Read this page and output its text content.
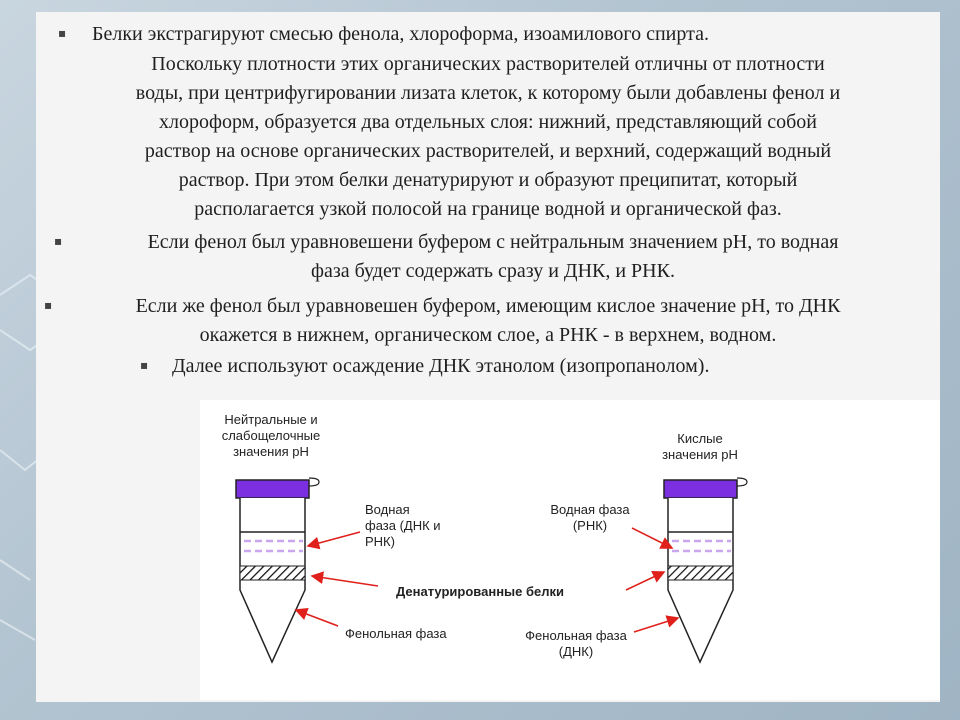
▪ Белки экстрагируют смесью фенола, хлороформа, изоамилового спирта.
Поскольку плотности этих органических растворителей отличны от плотности
воды, при центрифугировании лизата клеток, к которому были добавлены фенол и
хлороформ, образуется два отдельных слоя: нижний, представляющий собой
раствор на основе органических растворителей, и верхний, содержащий водный
раствор. При этом белки денатурируют и образуют преципитат, который
располагается узкой полосой на границе водной и органической фаз.
▪	Если фенол был уравновешени буфером с нейтральным значением pH, то водная
фаза будет содержать сразу и ДНК, и РНК.
▪	Если же фенол был уравновешен буфером, имеющим кислое значение pH, то ДНК
окажется в нижнем, органическом слое, а РНК - в верхнем, водном.
▪ Далее используют осаждение ДНК этанолом (изопропанолом).
Нейтральные и
слабощелочные
значения pH
Кислые
значения pH
Водная
фаза (ДНК и
РНК)
Водная фаза
(РНК)
Денатурированные белки
Фенольная фаза	Фенольная фаза
(ДНК)
